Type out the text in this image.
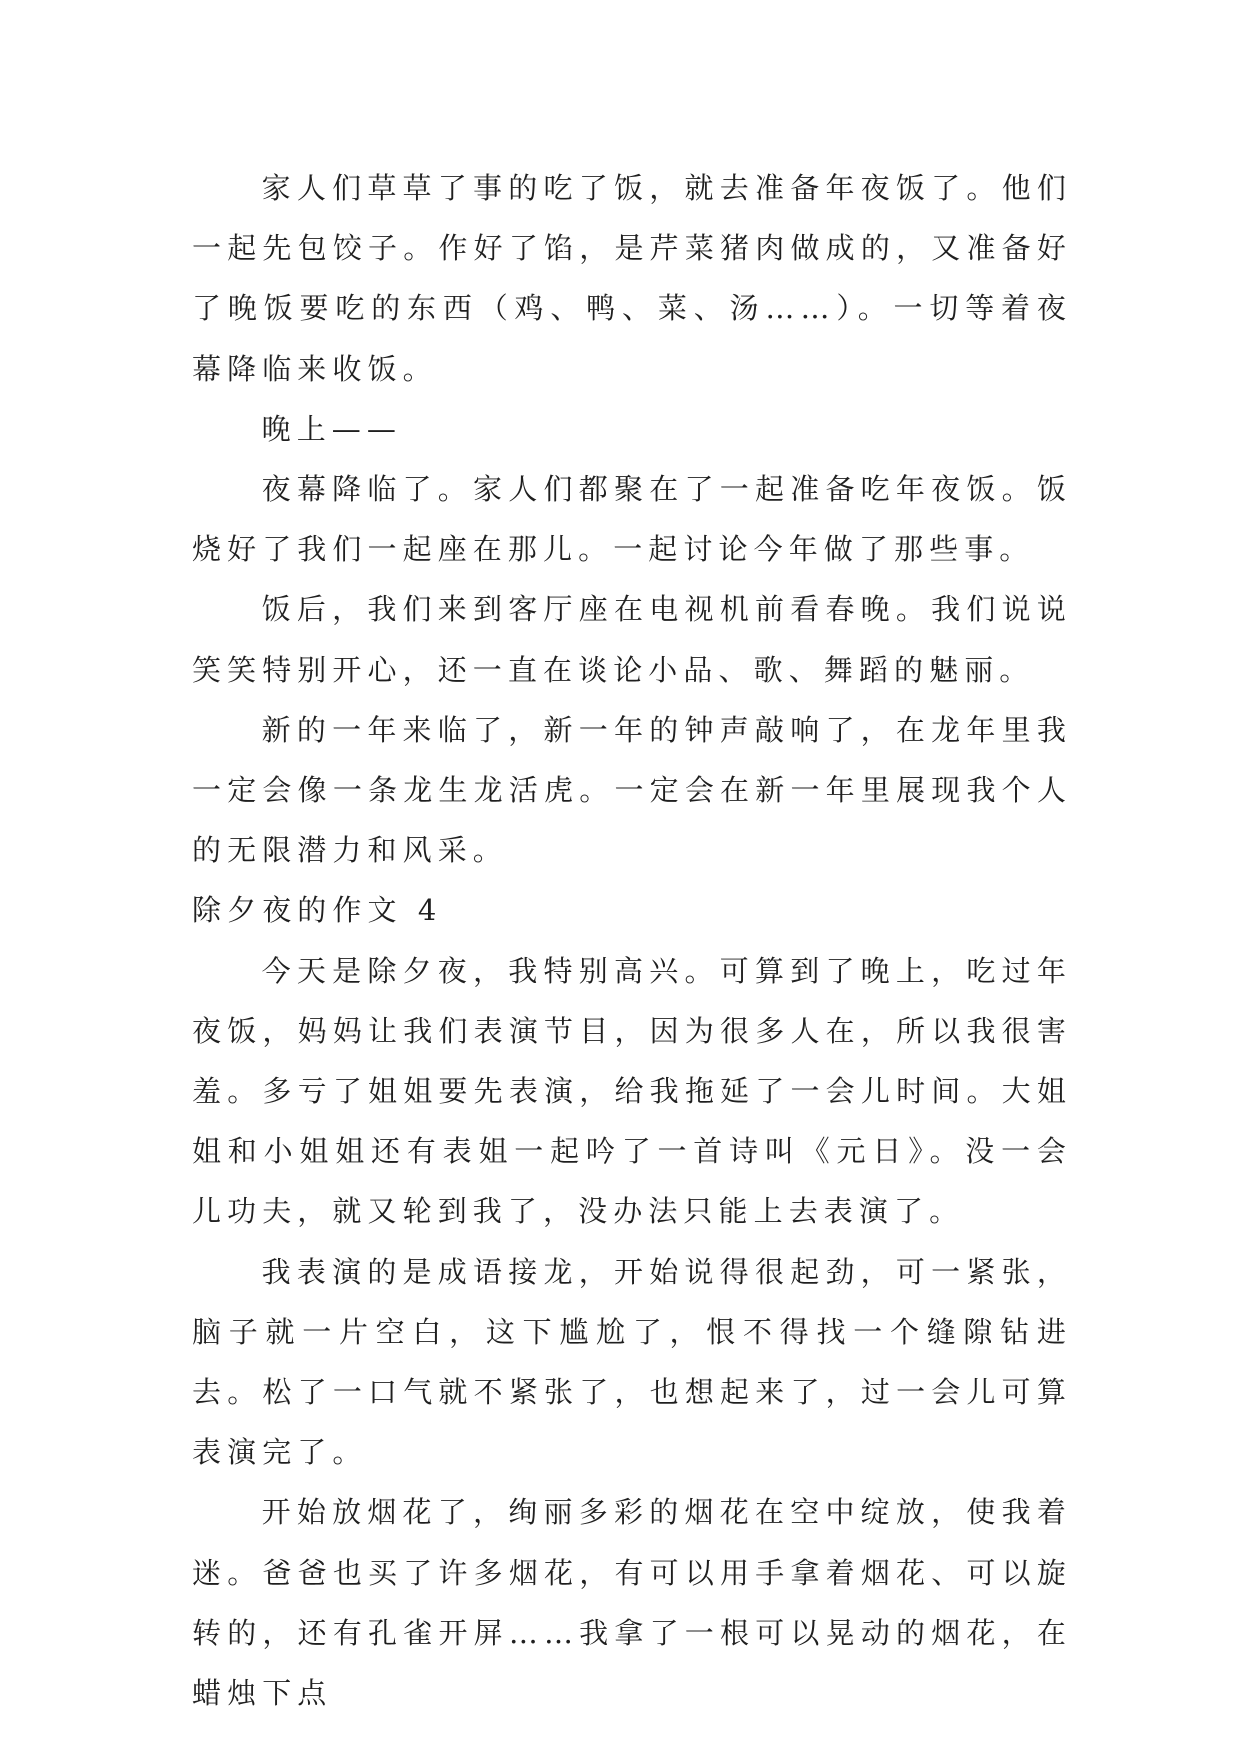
家人们草草了事的吃了饭，就去准备年夜饭了。他们一起先包饺子。作好了馅，是芹菜猪肉做成的，又准备好了晚饭要吃的东西（鸡、鸭、菜、汤……）。一切等着夜幕降临来收饭。

晚上——

夜幕降临了。家人们都聚在了一起准备吃年夜饭。饭烧好了我们一起座在那儿。一起讨论今年做了那些事。

饭后，我们来到客厅座在电视机前看春晚。我们说说笑笑特别开心，还一直在谈论小品、歌、舞蹈的魅丽。

新的一年来临了，新一年的钟声敲响了，在龙年里我一定会像一条龙生龙活虎。一定会在新一年里展现我个人的无限潜力和风采。

除夕夜的作文 4

今天是除夕夜，我特别高兴。可算到了晚上，吃过年夜饭，妈妈让我们表演节目，因为很多人在，所以我很害羞。多亏了姐姐要先表演，给我拖延了一会儿时间。大姐姐和小姐姐还有表姐一起吟了一首诗叫《元日》。没一会儿功夫，就又轮到我了，没办法只能上去表演了。

我表演的是成语接龙，开始说得很起劲，可一紧张，脑子就一片空白，这下尴尬了，恨不得找一个缝隙钻进去。松了一口气就不紧张了，也想起来了，过一会儿可算表演完了。

开始放烟花了，绚丽多彩的烟花在空中绽放，使我着迷。爸爸也买了许多烟花，有可以用手拿着烟花、可以旋转的，还有孔雀开屏……我拿了一根可以晃动的烟花，在蜡烛下点
